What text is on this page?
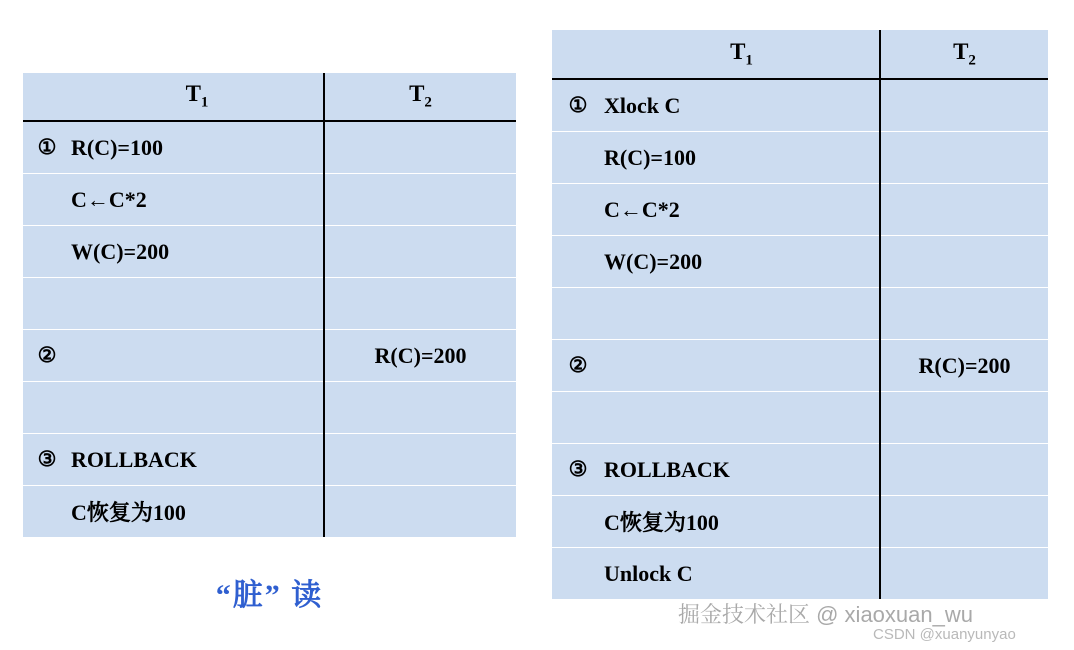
	$T_1$	$T_2$
①	R(C)=100	
	C←C*2	
	W(C)=200	

②		R(C)=200

③	ROLLBACK	
	C恢复为100	
“脏” 读
	$T_1$	$T_2$
①	Xlock C	
	R(C)=100	
	C←C*2	
	W(C)=200	

②		R(C)=200

③	ROLLBACK	
	C恢复为100	
	Unlock C	
掘金技术社区 @ xiaoxuan_wu
CSDN @xuanyunyao
